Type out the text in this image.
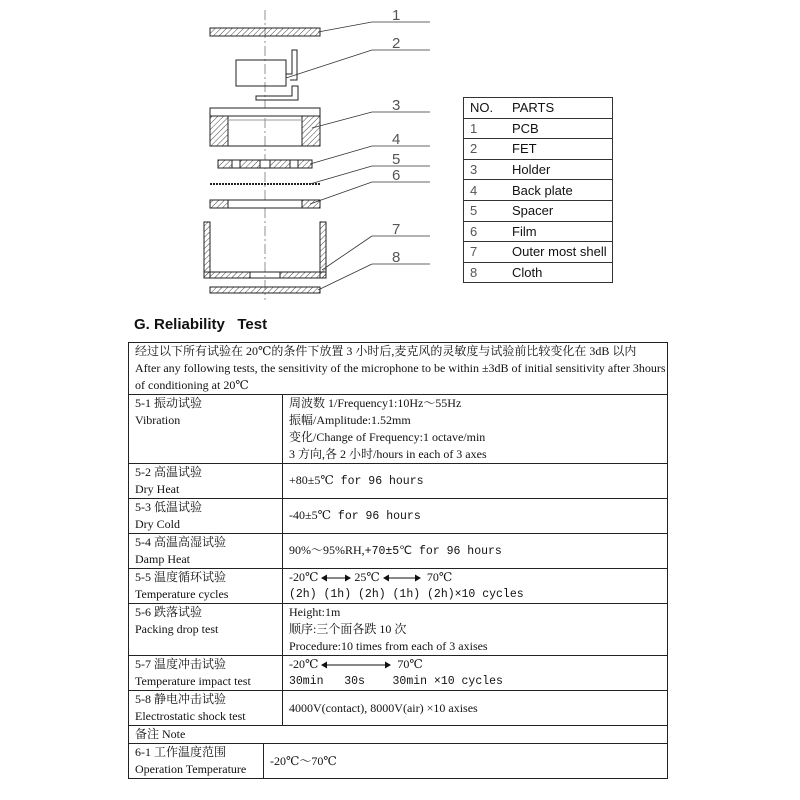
1
2
3
4
5
6
7
8
NO.	PARTS
1	PCB
2	FET
3	Holder
4	Back plate
5	Spacer
6	Film
7	Outer most shell
8	Cloth
G. Reliability   Test
经过以下所有试验在 20℃的条件下放置 3 小时后,麦克风的灵敏度与试验前比较变化在 3dB 以内
After any following tests, the sensitivity of the microphone to be within ±3dB of initial sensitivity after 3hours of conditioning at 20℃

5-1 振动试验
Vibration

周波数 1/Frequency1:10Hz～55Hz
振幅/Amplitude:1.52mm
变化/Change of Frequency:1 octave/min
3 方向,各 2 小时/hours in each of 3 axes

5-2 高温试验
Dry Heat
	+80±5℃ for 96 hours

5-3 低温试验
Dry Cold
	-40±5℃ for 96 hours

5-4 高温高湿试验
Damp Heat
	90%～95%RH,+70±5℃ for 96 hours

5-5 温度循环试验
Temperature cycles

-20℃	25℃	70℃
(2h) (1h) (2h) (1h) (2h)×10 cycles

5-6 跌落试验
Packing drop test

Height:1m
顺序:三个面各跌 10 次
Procedure:10 times from each of 3 axises

5-7 温度冲击试验
Temperature impact test

-20℃	70℃
30min   30s    30min ×10 cycles

5-8 静电冲击试验
Electrostatic shock test
	4000V(contact), 8000V(air) ×10 axises
备注 Note

6-1 工作温度范围
Operation Temperature
	-20℃～70℃
